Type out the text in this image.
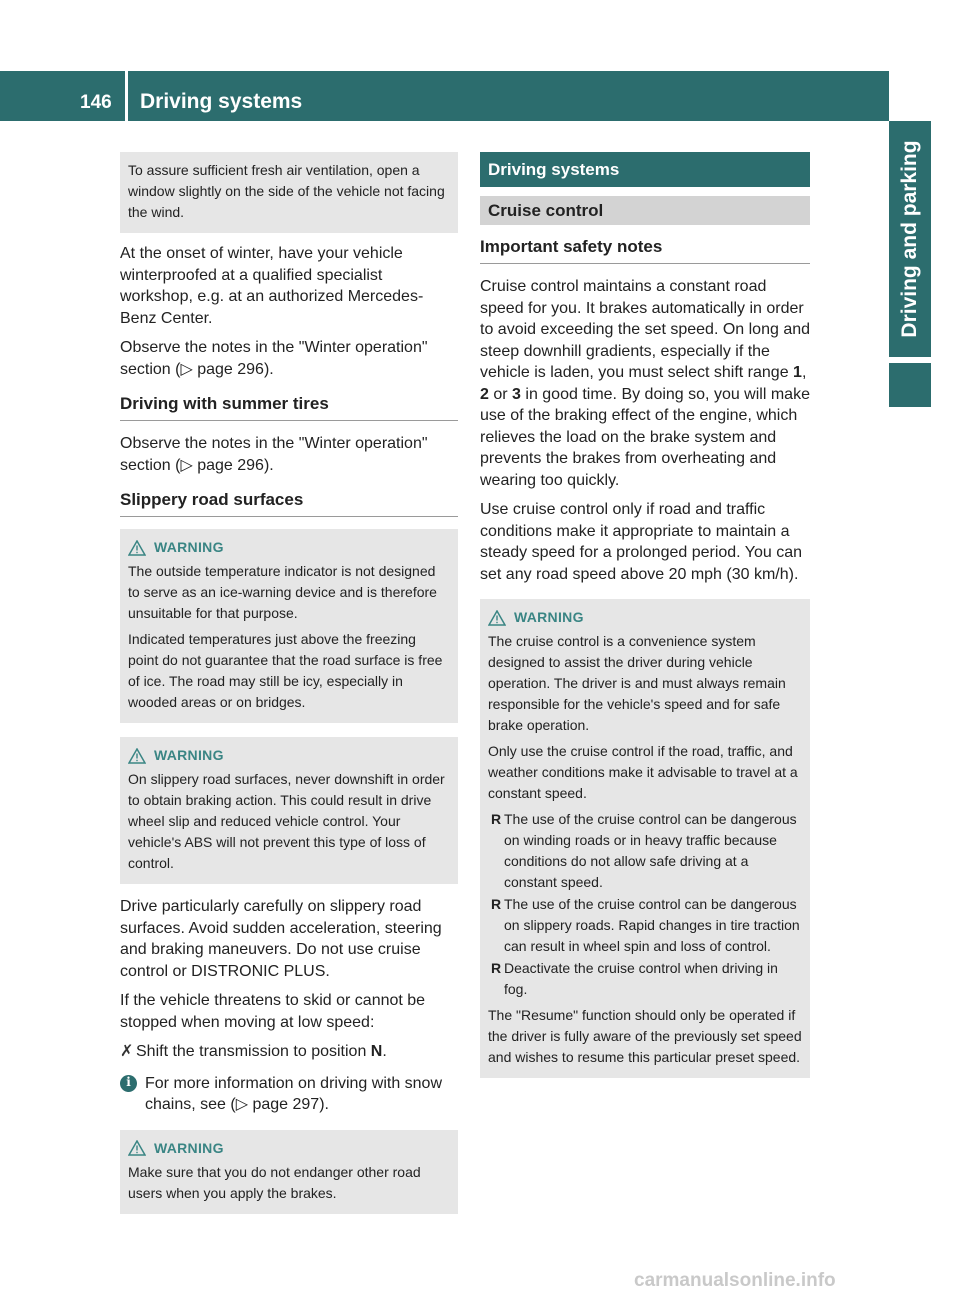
146 Driving systems
Driving and parking

To assure sufficient fresh air ventilation, open a window slightly on the side of the vehicle not facing the wind.

At the onset of winter, have your vehicle winterproofed at a qualified specialist workshop, e.g. at an authorized Mercedes-Benz Center.

Observe the notes in the "Winter operation" section (▷ page 296).

Driving with summer tires

Observe the notes in the "Winter operation" section (▷ page 296).

Slippery road surfaces
WARNING

The outside temperature indicator is not designed to serve as an ice-warning device and is therefore unsuitable for that purpose.

Indicated temperatures just above the freezing point do not guarantee that the road surface is free of ice. The road may still be icy, especially in wooded areas or on bridges.

WARNING

On slippery road surfaces, never downshift in order to obtain braking action. This could result in drive wheel slip and reduced vehicle control. Your vehicle's ABS will not prevent this type of loss of control.

Drive particularly carefully on slippery road surfaces. Avoid sudden acceleration, steering and braking maneuvers. Do not use cruise control or DISTRONIC PLUS.

If the vehicle threatens to skid or cannot be stopped when moving at low speed:

✗ Shift the transmission to position N.
i For more information on driving with snow chains, see (▷ page 297).
WARNING

Make sure that you do not endanger other road users when you apply the brakes.

Driving systems
Cruise control
Important safety notes

Cruise control maintains a constant road speed for you. It brakes automatically in order to avoid exceeding the set speed. On long and steep downhill gradients, especially if the vehicle is laden, you must select shift range 1, 2 or 3 in good time. By doing so, you will make use of the braking effect of the engine, which relieves the load on the brake system and prevents the brakes from overheating and wearing too quickly.

Use cruise control only if road and traffic conditions make it appropriate to maintain a steady speed for a prolonged period. You can set any road speed above 20 mph (30 km/h).

WARNING

The cruise control is a convenience system designed to assist the driver during vehicle operation. The driver is and must always remain responsible for the vehicle's speed and for safe brake operation.

Only use the cruise control if the road, traffic, and weather conditions make it advisable to travel at a constant speed.

R The use of the cruise control can be dangerous on winding roads or in heavy traffic because conditions do not allow safe driving at a constant speed.
R The use of the cruise control can be dangerous on slippery roads. Rapid changes in tire traction can result in wheel spin and loss of control.
R Deactivate the cruise control when driving in fog.

The "Resume" function should only be operated if the driver is fully aware of the previously set speed and wishes to resume this particular preset speed.

carmanualsonline.info
